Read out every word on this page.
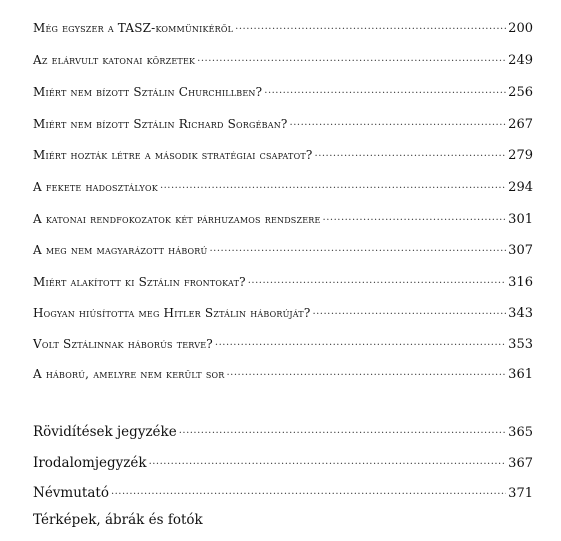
Még egyszer a TASZ-kommünikéről .....	200
Az elárvult katonai körzetek .....	249
Miért nem bízott Sztálin Churchillben? .....	256
Miért nem bízott Sztálin Richard Sorgéban? .....	267
Miért hozták létre a második stratégiai csapatot? .....	279
A fekete hadosztályok .....	294
A katonai rendfokozatok két párhuzamos rendszere .....	301
A meg nem magyarázott háború .....	307
Miért alakított ki Sztálin frontokat? .....	316
Hogyan hiúsította meg Hitler Sztálin háborúját? .....	343
Volt Sztálinnak háborús terve? .....	353
A háború, amelyre nem került sor .....	361
Rövidítések jegyzéke .....	365
Irodalomjegyzék .....	367
Névmutató .....	371
Térképek, ábrák és fotók
